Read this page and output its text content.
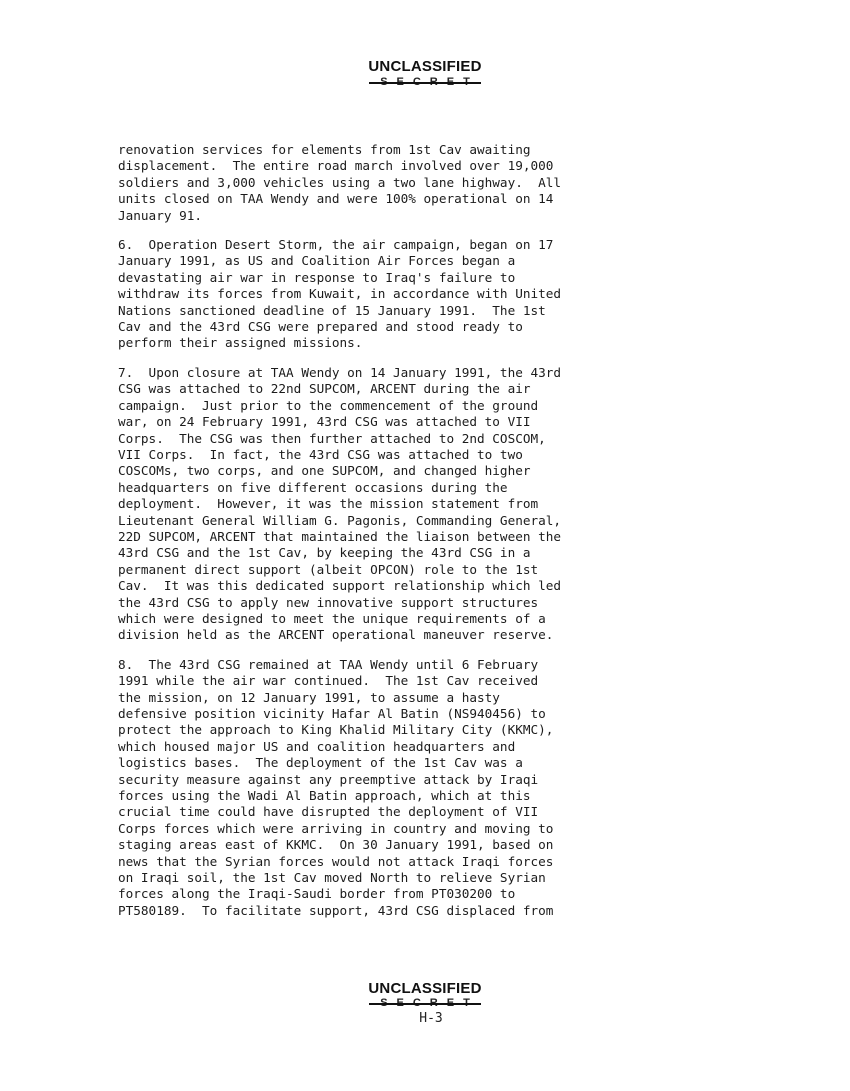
UNCLASSIFIED
SECRET

renovation services for elements from 1st Cav awaiting
displacement.  The entire road march involved over 19,000
soldiers and 3,000 vehicles using a two lane highway.  All
units closed on TAA Wendy and were 100% operational on 14
January 91.

6.  Operation Desert Storm, the air campaign, began on 17
January 1991, as US and Coalition Air Forces began a
devastating air war in response to Iraq's failure to
withdraw its forces from Kuwait, in accordance with United
Nations sanctioned deadline of 15 January 1991.  The 1st
Cav and the 43rd CSG were prepared and stood ready to
perform their assigned missions.

7.  Upon closure at TAA Wendy on 14 January 1991, the 43rd
CSG was attached to 22nd SUPCOM, ARCENT during the air
campaign.  Just prior to the commencement of the ground
war, on 24 February 1991, 43rd CSG was attached to VII
Corps.  The CSG was then further attached to 2nd COSCOM,
VII Corps.  In fact, the 43rd CSG was attached to two
COSCOMs, two corps, and one SUPCOM, and changed higher
headquarters on five different occasions during the
deployment.  However, it was the mission statement from
Lieutenant General William G. Pagonis, Commanding General,
22D SUPCOM, ARCENT that maintained the liaison between the
43rd CSG and the 1st Cav, by keeping the 43rd CSG in a
permanent direct support (albeit OPCON) role to the 1st
Cav.  It was this dedicated support relationship which led
the 43rd CSG to apply new innovative support structures
which were designed to meet the unique requirements of a
division held as the ARCENT operational maneuver reserve.

8.  The 43rd CSG remained at TAA Wendy until 6 February
1991 while the air war continued.  The 1st Cav received
the mission, on 12 January 1991, to assume a hasty
defensive position vicinity Hafar Al Batin (NS940456) to
protect the approach to King Khalid Military City (KKMC),
which housed major US and coalition headquarters and
logistics bases.  The deployment of the 1st Cav was a
security measure against any preemptive attack by Iraqi
forces using the Wadi Al Batin approach, which at this
crucial time could have disrupted the deployment of VII
Corps forces which were arriving in country and moving to
staging areas east of KKMC.  On 30 January 1991, based on
news that the Syrian forces would not attack Iraqi forces
on Iraqi soil, the 1st Cav moved North to relieve Syrian
forces along the Iraqi-Saudi border from PT030200 to
PT580189.  To facilitate support, 43rd CSG displaced from

UNCLASSIFIED
SECRET
H-3
